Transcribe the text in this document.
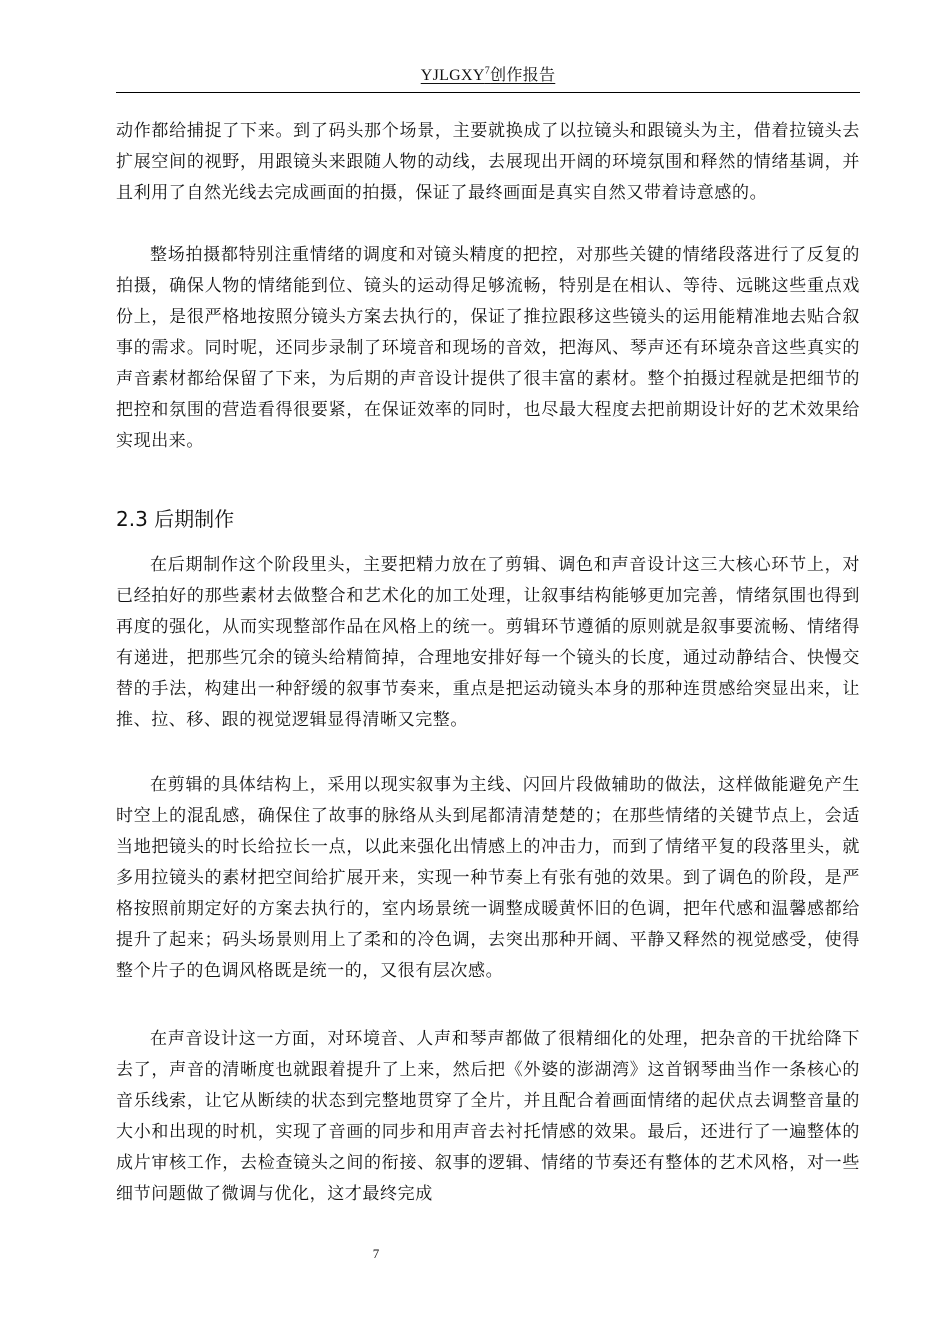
YJLGXY$^7$创作报告

动作都给捕捉了下来。到了码头那个场景，主要就换成了以拉镜头和跟镜头为主，借着拉镜头去扩展空间的视野，用跟镜头来跟随人物的动线，去展现出开阔的环境氛围和释然的情绪基调，并且利用了自然光线去完成画面的拍摄，保证了最终画面是真实自然又带着诗意感的。

整场拍摄都特别注重情绪的调度和对镜头精度的把控，对那些关键的情绪段落进行了反复的拍摄，确保人物的情绪能到位、镜头的运动得足够流畅，特别是在相认、等待、远眺这些重点戏份上，是很严格地按照分镜头方案去执行的，保证了推拉跟移这些镜头的运用能精准地去贴合叙事的需求。同时呢，还同步录制了环境音和现场的音效，把海风、琴声还有环境杂音这些真实的声音素材都给保留了下来，为后期的声音设计提供了很丰富的素材。整个拍摄过程就是把细节的把控和氛围的营造看得很要紧，在保证效率的同时，也尽最大程度去把前期设计好的艺术效果给实现出来。

2.3 后期制作

在后期制作这个阶段里头，主要把精力放在了剪辑、调色和声音设计这三大核心环节上，对已经拍好的那些素材去做整合和艺术化的加工处理，让叙事结构能够更加完善，情绪氛围也得到再度的强化，从而实现整部作品在风格上的统一。剪辑环节遵循的原则就是叙事要流畅、情绪得有递进，把那些冗余的镜头给精简掉，合理地安排好每一个镜头的长度，通过动静结合、快慢交替的手法，构建出一种舒缓的叙事节奏来，重点是把运动镜头本身的那种连贯感给突显出来，让推、拉、移、跟的视觉逻辑显得清晰又完整。

在剪辑的具体结构上，采用以现实叙事为主线、闪回片段做辅助的做法，这样做能避免产生时空上的混乱感，确保住了故事的脉络从头到尾都清清楚楚的；在那些情绪的关键节点上，会适当地把镜头的时长给拉长一点，以此来强化出情感上的冲击力，而到了情绪平复的段落里头，就多用拉镜头的素材把空间给扩展开来，实现一种节奏上有张有弛的效果。到了调色的阶段，是严格按照前期定好的方案去执行的，室内场景统一调整成暖黄怀旧的色调，把年代感和温馨感都给提升了起来；码头场景则用上了柔和的冷色调，去突出那种开阔、平静又释然的视觉感受，使得整个片子的色调风格既是统一的，又很有层次感。

在声音设计这一方面，对环境音、人声和琴声都做了很精细化的处理，把杂音的干扰给降下去了，声音的清晰度也就跟着提升了上来，然后把《外婆的澎湖湾》这首钢琴曲当作一条核心的音乐线索，让它从断续的状态到完整地贯穿了全片，并且配合着画面情绪的起伏点去调整音量的大小和出现的时机，实现了音画的同步和用声音去衬托情感的效果。最后，还进行了一遍整体的成片审核工作，去检查镜头之间的衔接、叙事的逻辑、情绪的节奏还有整体的艺术风格，对一些细节问题做了微调与优化，这才最终完成

7
